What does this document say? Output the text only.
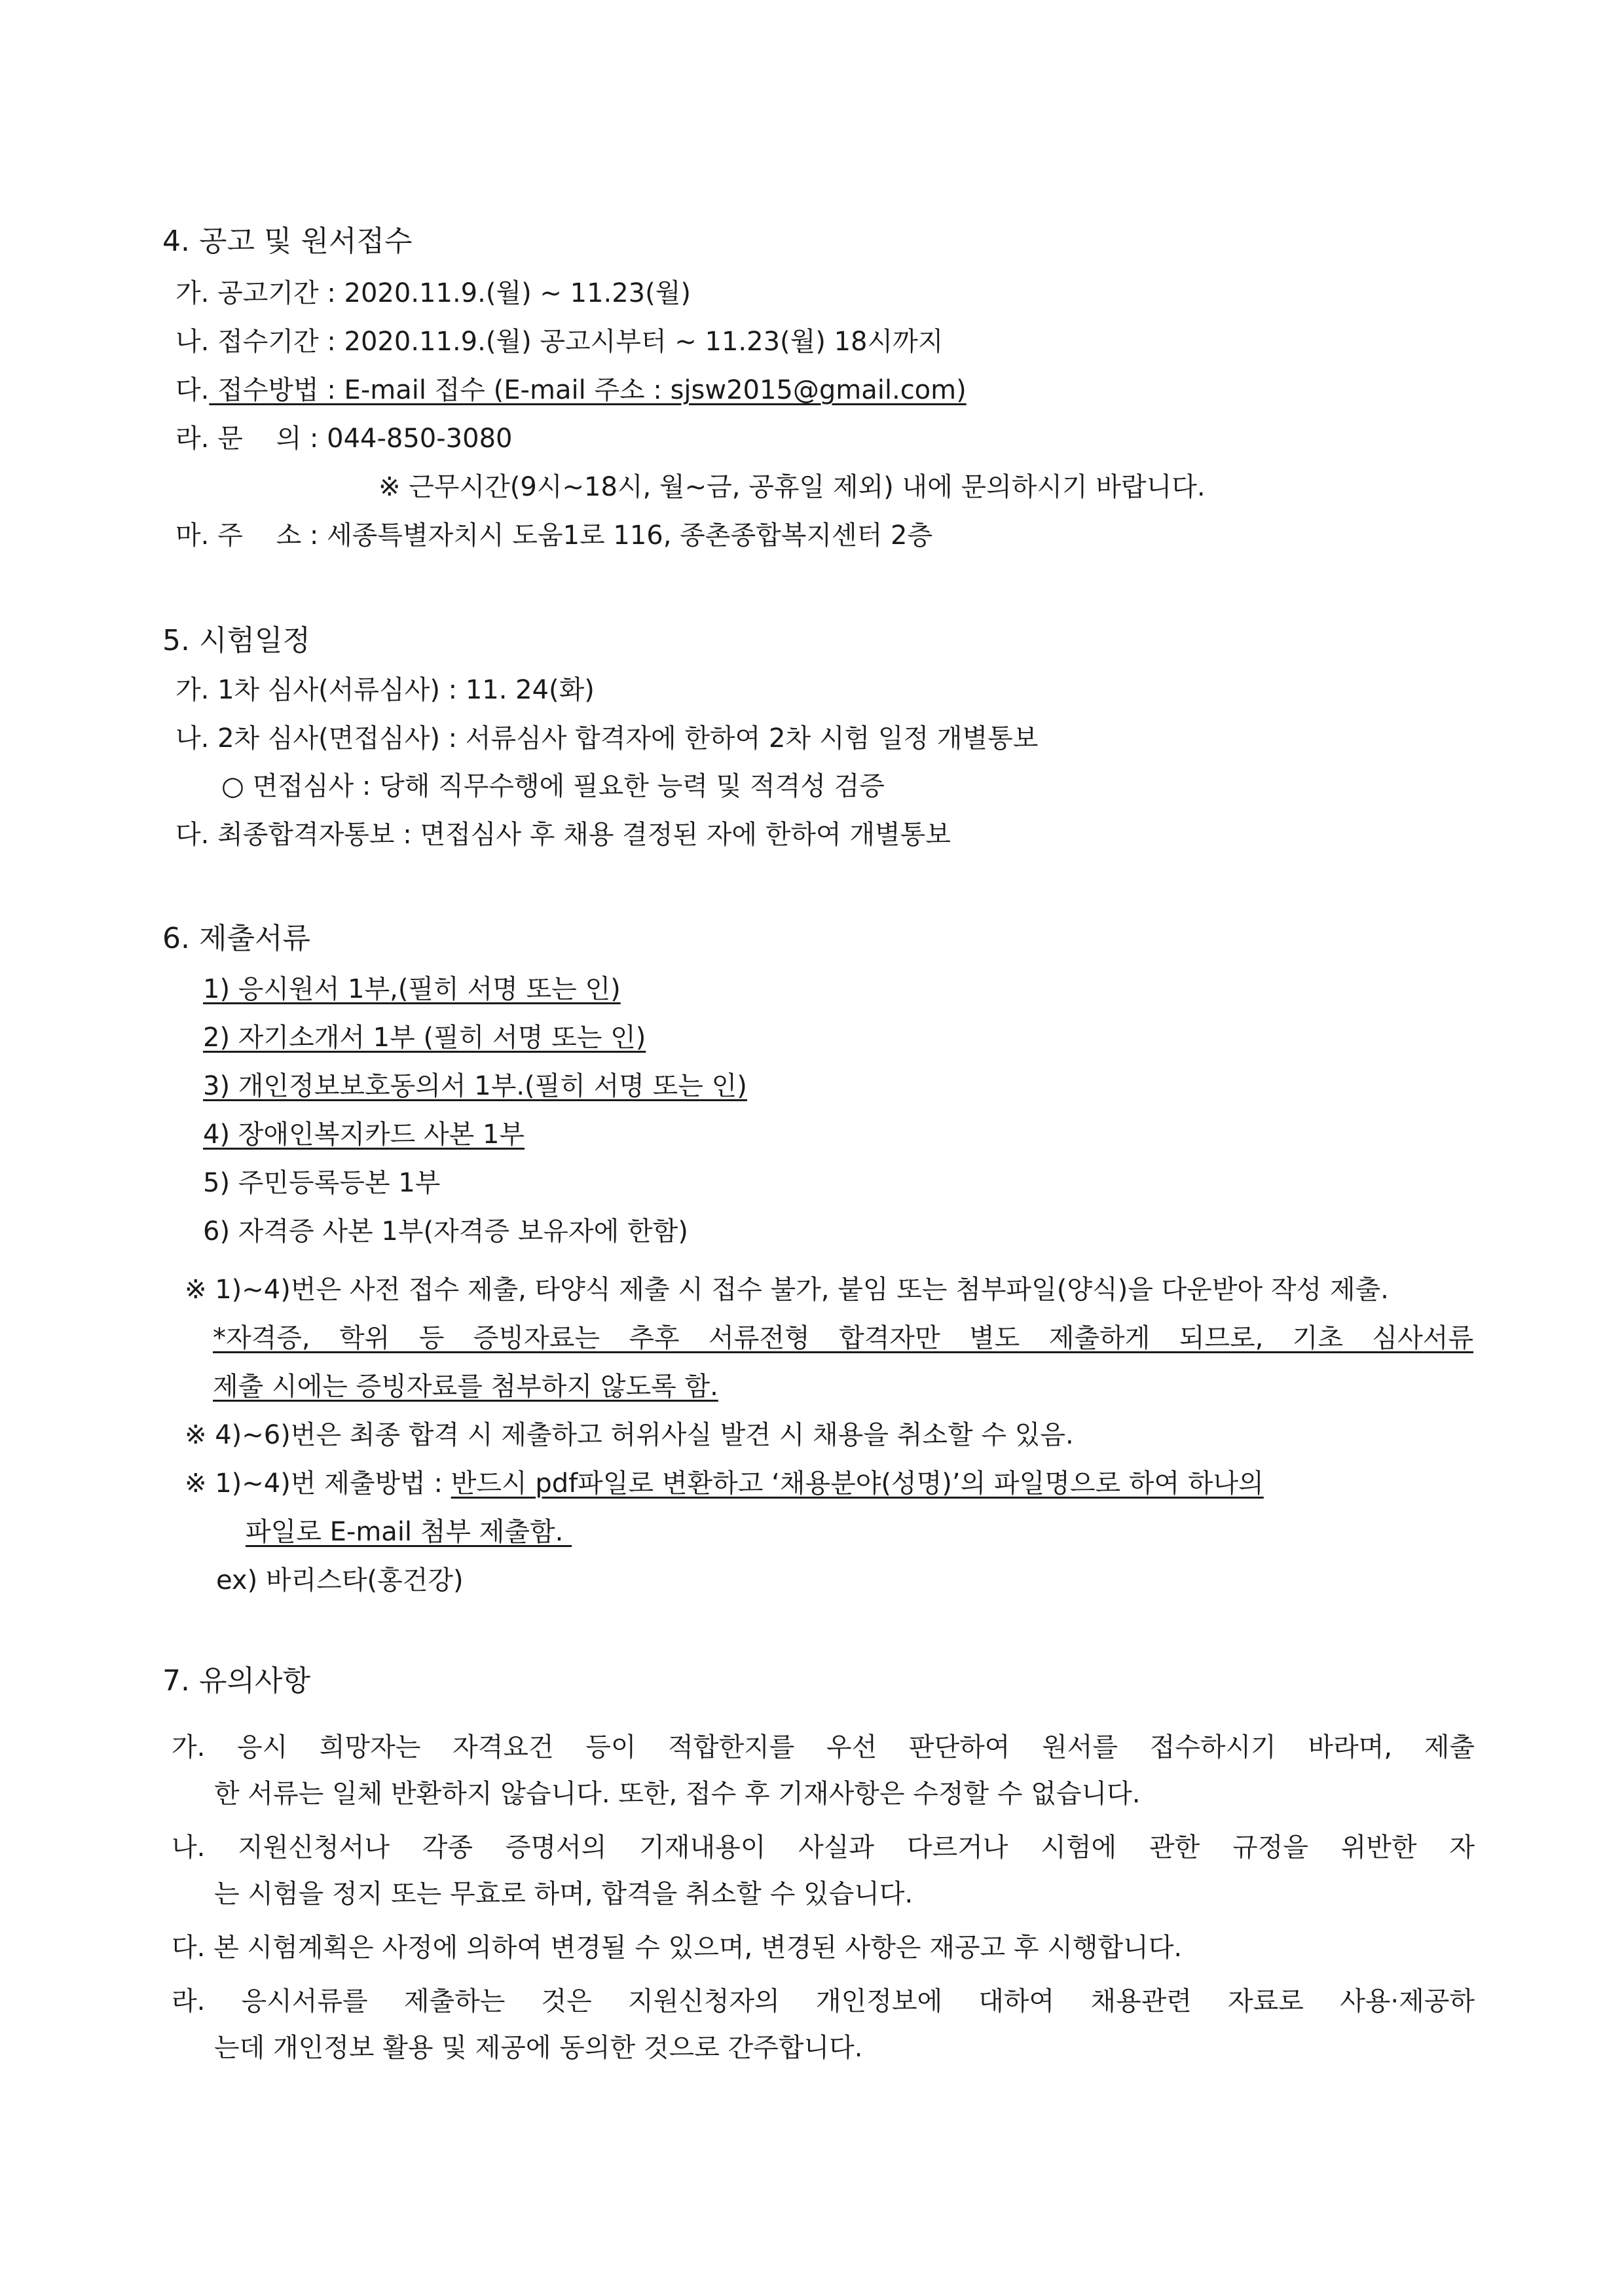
4. 공고 및 원서접수
가. 공고기간 : 2020.11.9.(월) ~ 11.23(월)
나. 접수기간 : 2020.11.9.(월) 공고시부터 ~ 11.23(월) 18시까지
다. 접수방법 : E-mail 접수 (E-mail 주소 : sjsw2015@gmail.com)
라. 문    의 : 044-850-3080
※ 근무시간(9시~18시, 월~금, 공휴일 제외) 내에 문의하시기 바랍니다.
마. 주    소 : 세종특별자치시 도움1로 116, 종촌종합복지센터 2층
5. 시험일정
가. 1차 심사(서류심사) : 11. 24(화)
나. 2차 심사(면접심사) : 서류심사 합격자에 한하여 2차 시험 일정 개별통보
○ 면접심사 : 당해 직무수행에 필요한 능력 및 적격성 검증
다. 최종합격자통보 : 면접심사 후 채용 결정된 자에 한하여 개별통보
6. 제출서류
1) 응시원서 1부,(필히 서명 또는 인)
2) 자기소개서 1부 (필히 서명 또는 인)
3) 개인정보보호동의서 1부.(필히 서명 또는 인)
4) 장애인복지카드 사본 1부
5) 주민등록등본 1부
6) 자격증 사본 1부(자격증 보유자에 한함)
※ 1)~4)번은 사전 접수 제출, 타양식 제출 시 접수 불가, 붙임 또는 첨부파일(양식)을 다운받아 작성 제출.
*자격증, 학위 등 증빙자료는 추후 서류전형 합격자만 별도 제출하게 되므로, 기초 심사서류
제출 시에는 증빙자료를 첨부하지 않도록 함.
※ 4)~6)번은 최종 합격 시 제출하고 허위사실 발견 시 채용을 취소할 수 있음.
※ 1)~4)번 제출방법 : 반드시 pdf파일로 변환하고 ‘채용분야(성명)’의 파일명으로 하여 하나의
파일로 E-mail 첨부 제출함.
ex) 바리스타(홍건강)
7. 유의사항
가. 응시 희망자는 자격요건 등이 적합한지를 우선 판단하여 원서를 접수하시기 바라며, 제출
한 서류는 일체 반환하지 않습니다. 또한, 접수 후 기재사항은 수정할 수 없습니다.
나. 지원신청서나 각종 증명서의 기재내용이 사실과 다르거나 시험에 관한 규정을 위반한 자
는 시험을 정지 또는 무효로 하며, 합격을 취소할 수 있습니다.
다. 본 시험계획은 사정에 의하여 변경될 수 있으며, 변경된 사항은 재공고 후 시행합니다.
라. 응시서류를 제출하는 것은 지원신청자의 개인정보에 대하여 채용관련 자료로 사용·제공하
는데 개인정보 활용 및 제공에 동의한 것으로 간주합니다.
